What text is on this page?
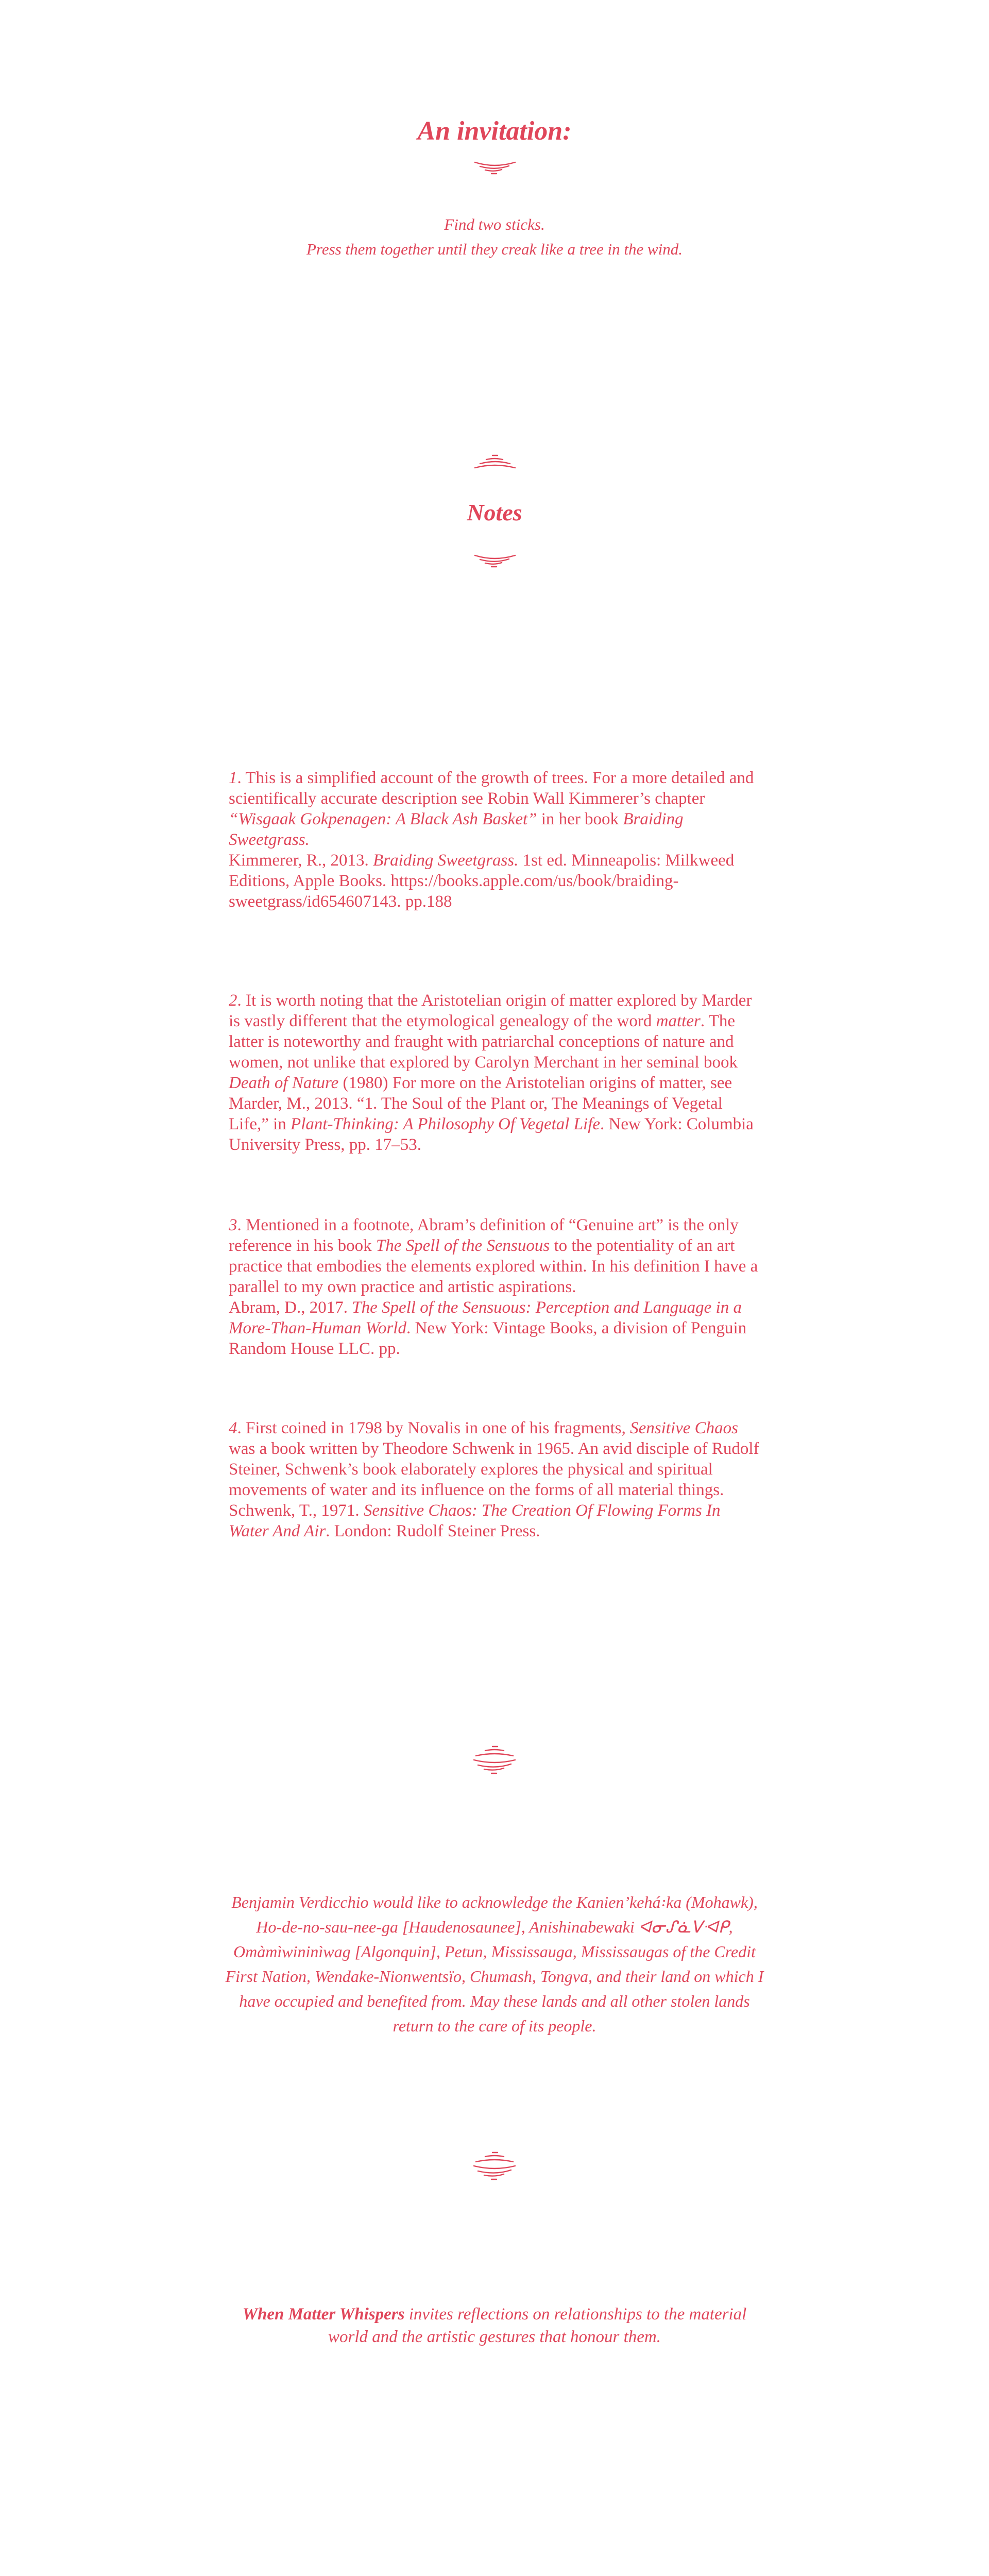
An invitation:
Find two sticks.
Press them together until they creak like a tree in the wind.
Notes

1. This is a simplified account of the growth of trees. For a more detailed and scientifically accurate description see Robin Wall Kimmerer’s chapter “Wisgaak Gokpenagen: A Black Ash Basket” in her book Braiding Sweetgrass.

Kimmerer, R., 2013. Braiding Sweetgrass. 1st ed. Minneapolis: Milkweed Editions, Apple Books. https://books.apple.com/us/book/braiding-sweetgrass/id654607143. pp.188

2. It is worth noting that the Aristotelian origin of matter explored by Marder is vastly different that the etymological genealogy of the word matter. The latter is noteworthy and fraught with patriarchal conceptions of nature and women, not unlike that explored by Carolyn Merchant in her seminal book Death of Nature (1980) For more on the Aristotelian origins of matter, see Marder, M., 2013. “1. The Soul of the Plant or, The Meanings of Vegetal Life,” in Plant-Thinking: A Philosophy Of Vegetal Life. New York: Columbia University Press, pp. 17–53.

3. Mentioned in a footnote, Abram’s definition of “Genuine art” is the only reference in his book The Spell of the Sensuous to the potentiality of an art practice that embodies the elements explored within. In his definition I have a parallel to my own practice and artistic aspirations.

Abram, D., 2017. The Spell of the Sensuous: Perception and Language in a More-Than-Human World. New York: Vintage Books, a division of Penguin Random House LLC. pp.

4. First coined in 1798 by Novalis in one of his fragments, Sensitive Chaos was a book written by Theodore Schwenk in 1965. An avid disciple of Rudolf Steiner, Schwenk’s book elaborately explores the physical and spiritual movements of water and its influence on the forms of all material things.

Schwenk, T., 1971. Sensitive Chaos: The Creation Of Flowing Forms In Water And Air. London: Rudolf Steiner Press.

Benjamin Verdicchio would like to acknowledge the Kanien’kehá꞉ka (Mohawk), Ho-de-no-sau-nee-ga [Haudenosaunee], Anishinabewaki ᐊᓂᔑᓈᐯᐗᑭ, Omàmìwininìwag [Algonquin], Petun, Mississauga, Mississaugas of the Credit First Nation, Wendake-Nionwentsïo, Chumash, Tongva, and their land on which I have occupied and benefited from. May these lands and all other stolen lands return to the care of its people.
When Matter Whispers invites reflections on relationships to the material world and the artistic gestures that honour them.
